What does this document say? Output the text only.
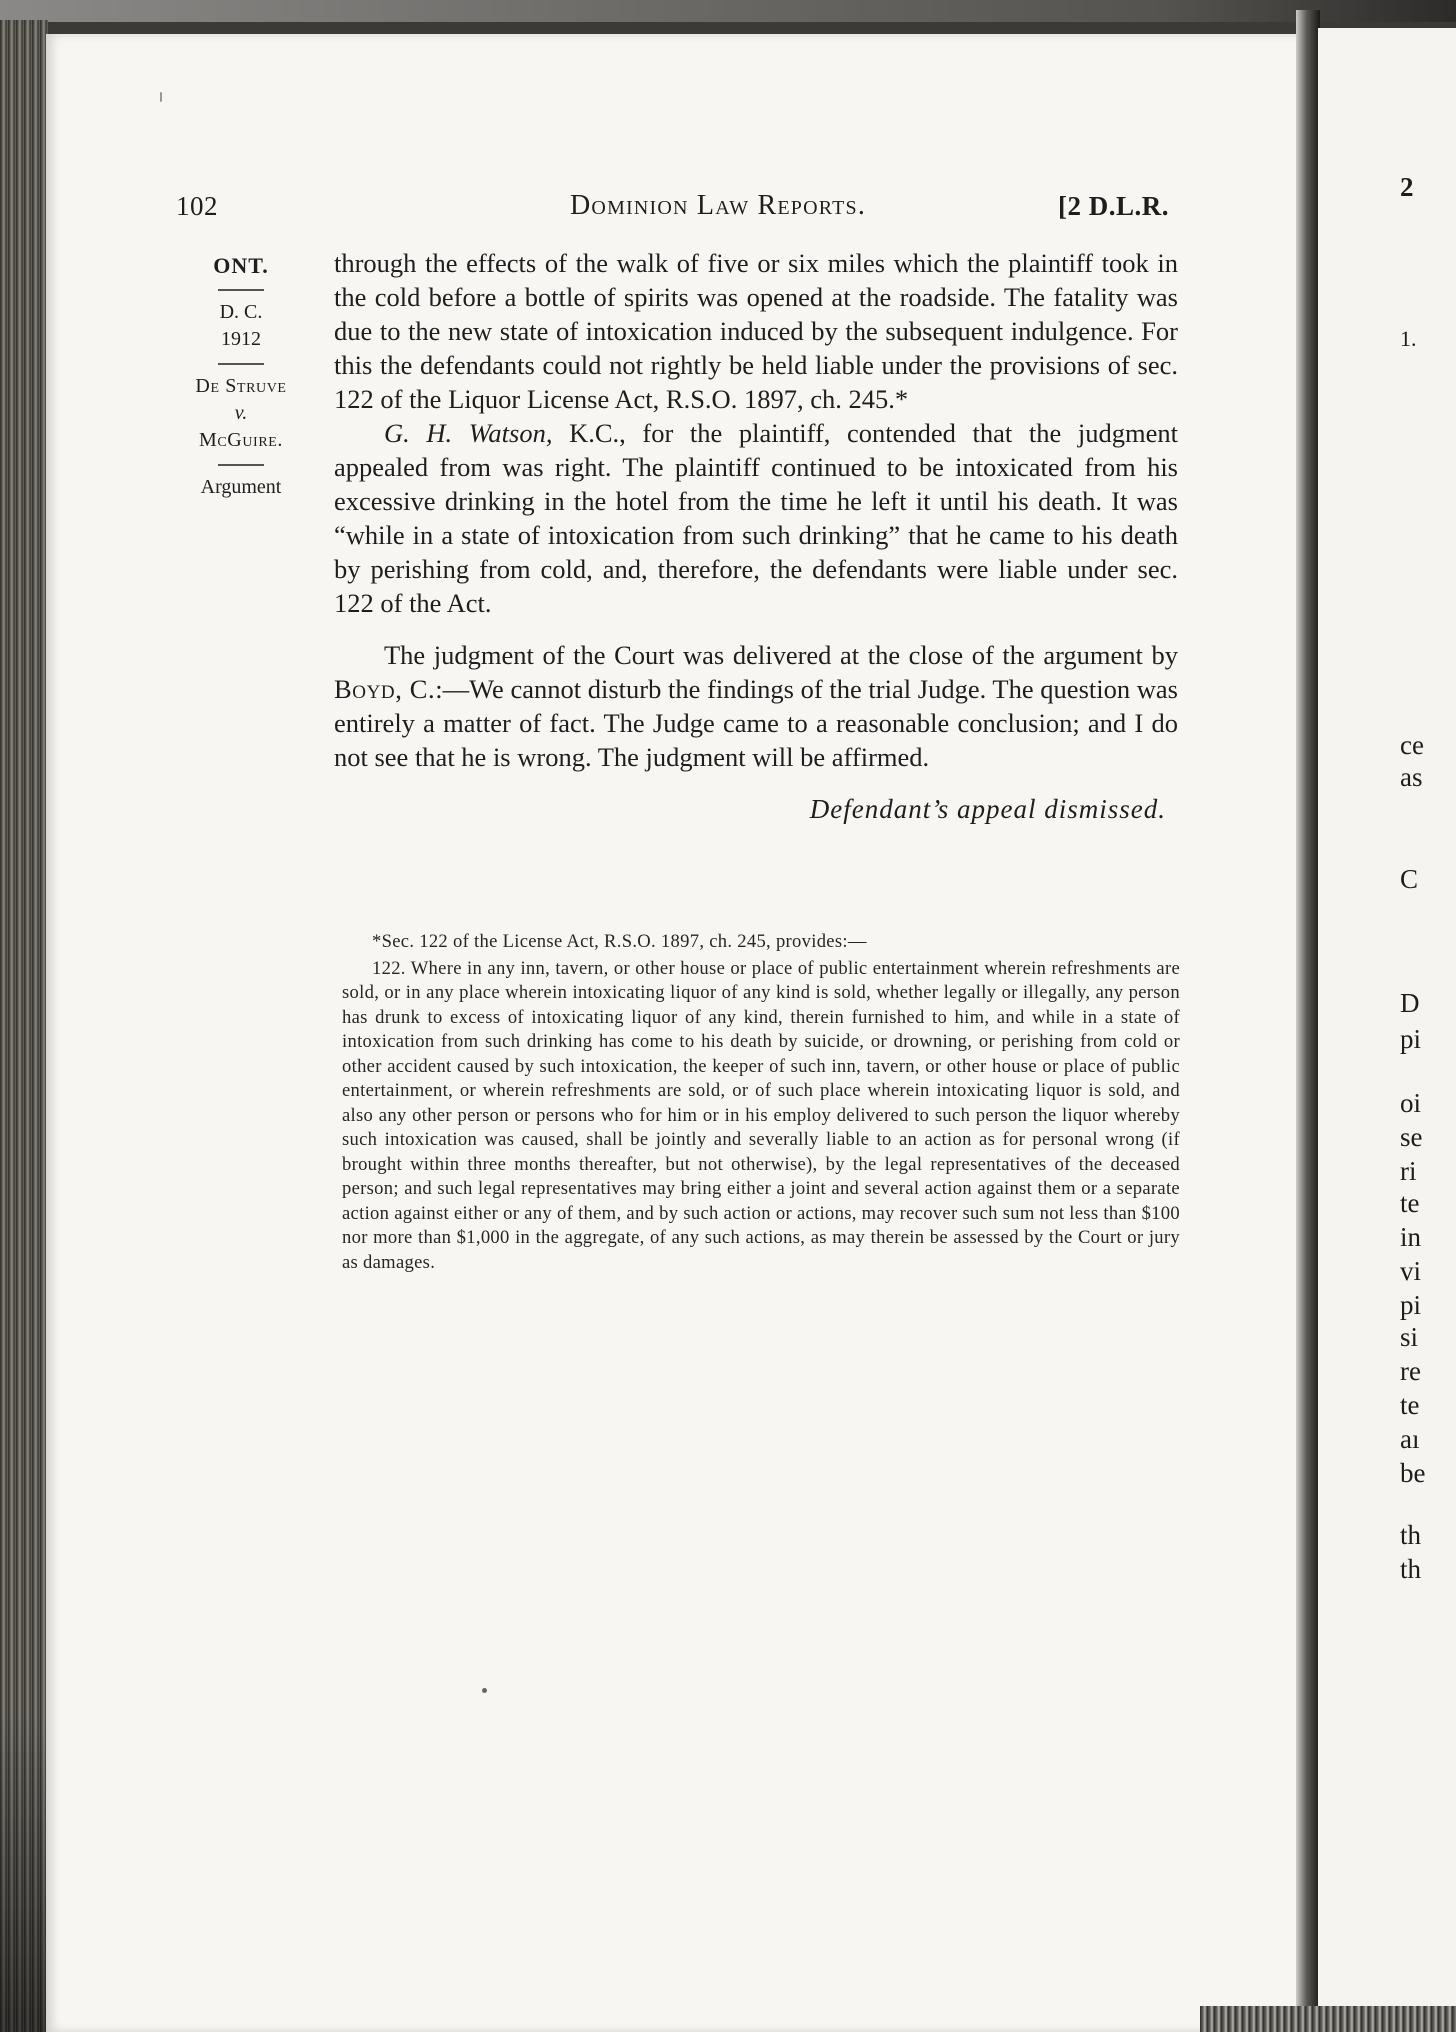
102	Dominion Law Reports.	[2 D.L.R.
ONT.
D. C.
1912
De Struve
v.
McGuire.
Argument

through the effects of the walk of five or six miles which the plaintiff took in the cold before a bottle of spirits was opened at the roadside. The fatality was due to the new state of intoxication induced by the subsequent indulgence. For this the defendants could not rightly be held liable under the provisions of sec. 122 of the Liquor License Act, R.S.O. 1897, ch. 245.*

G. H. Watson, K.C., for the plaintiff, contended that the judgment appealed from was right. The plaintiff continued to be intoxicated from his excessive drinking in the hotel from the time he left it until his death. It was “while in a state of intoxication from such drinking” that he came to his death by perishing from cold, and, therefore, the defendants were liable under sec. 122 of the Act.

The judgment of the Court was delivered at the close of the argument by Boyd, C.:—We cannot disturb the findings of the trial Judge. The question was entirely a matter of fact. The Judge came to a reasonable conclusion; and I do not see that he is wrong. The judgment will be affirmed.

Defendant’s appeal dismissed.

*Sec. 122 of the License Act, R.S.O. 1897, ch. 245, provides:—

122. Where in any inn, tavern, or other house or place of public entertainment wherein refreshments are sold, or in any place wherein intoxicating liquor of any kind is sold, whether legally or illegally, any person has drunk to excess of intoxicating liquor of any kind, therein furnished to him, and while in a state of intoxication from such drinking has come to his death by suicide, or drowning, or perishing from cold or other accident caused by such intoxication, the keeper of such inn, tavern, or other house or place of public entertainment, or wherein refreshments are sold, or of such place wherein intoxicating liquor is sold, and also any other person or persons who for him or in his employ delivered to such person the liquor whereby such intoxication was caused, shall be jointly and severally liable to an action as for personal wrong (if brought within three months thereafter, but not otherwise), by the legal representatives of the deceased person; and such legal representatives may bring either a joint and several action against them or a separate action against either or any of them, and by such action or actions, may recover such sum not less than $100 nor more than $1,000 in the aggregate, of any such actions, as may therein be assessed by the Court or jury as damages.

2
1.
ce
as
C
D
pi
oi
se
ri
te
in
vi
pi
si
re
te
aı
be
th
th
